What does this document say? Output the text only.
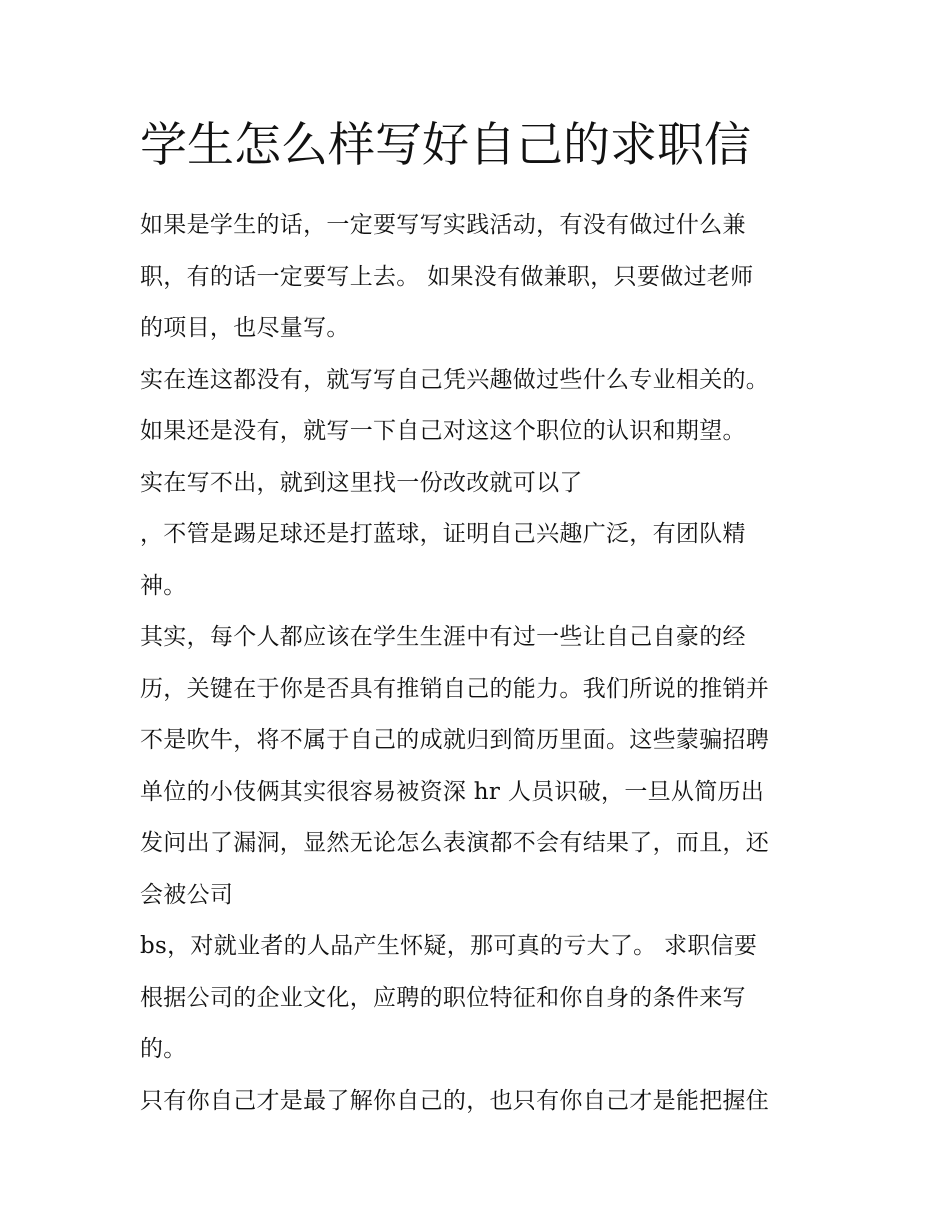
学生怎么样写好自己的求职信
如果是学生的话，一定要写写实践活动，有没有做过什么兼
职，有的话一定要写上去。 如果没有做兼职，只要做过老师
的项目，也尽量写。
实在连这都没有，就写写自己凭兴趣做过些什么专业相关的。
如果还是没有，就写一下自己对这这个职位的认识和期望。
实在写不出，就到这里找一份改改就可以了
，不管是踢足球还是打蓝球，证明自己兴趣广泛，有团队精
神。
其实，每个人都应该在学生生涯中有过一些让自己自豪的经
历，关键在于你是否具有推销自己的能力。我们所说的推销并
不是吹牛，将不属于自己的成就归到简历里面。这些蒙骗招聘
单位的小伎俩其实很容易被资深 hr 人员识破，一旦从简历出
发问出了漏洞，显然无论怎么表演都不会有结果了，而且，还
会被公司
bs，对就业者的人品产生怀疑，那可真的亏大了。 求职信要
根据公司的企业文化，应聘的职位特征和你自身的条件来写
的。
只有你自己才是最了解你自己的，也只有你自己才是能把握住
